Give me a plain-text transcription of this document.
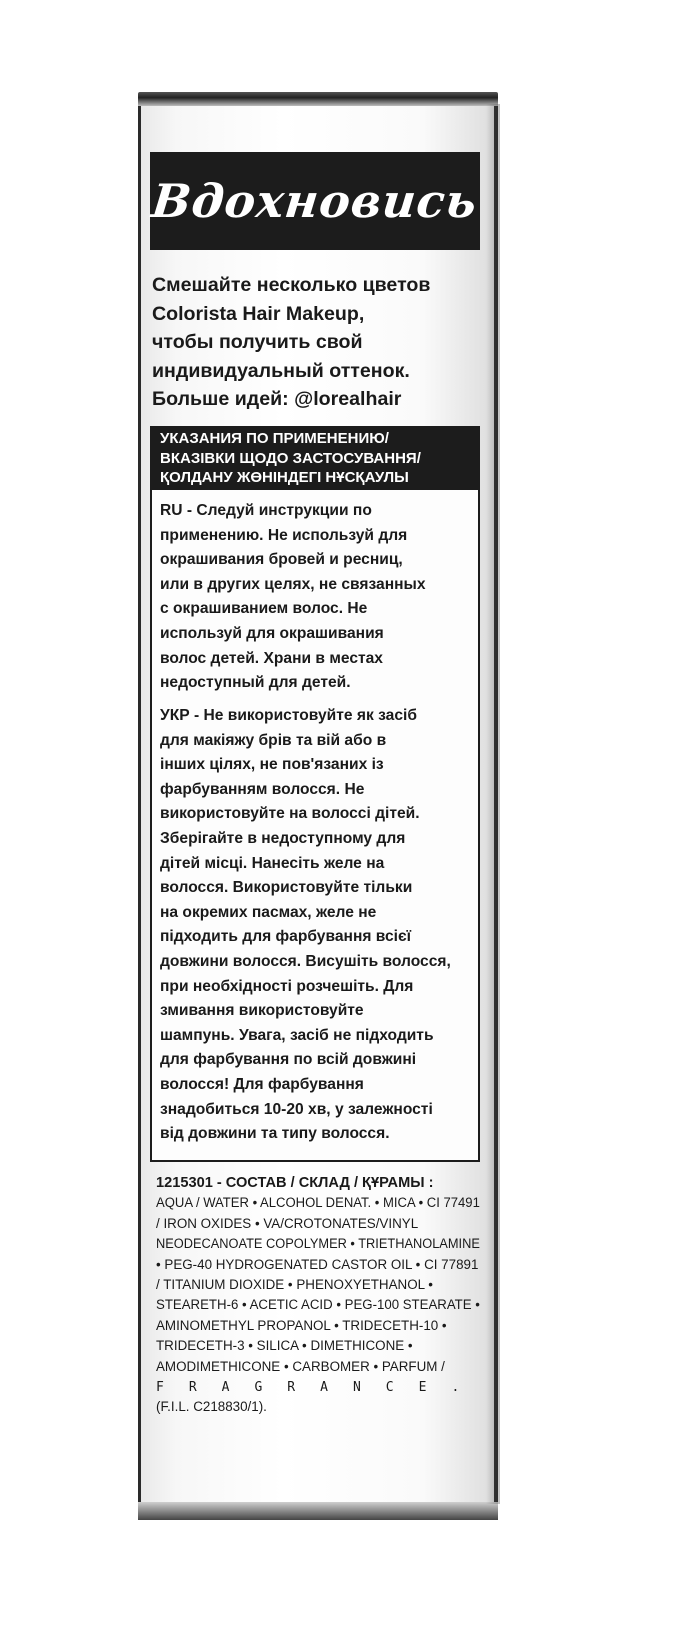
Вдохновись
Смешайте несколько цветов
Colorista Hair Makeup,
чтобы получить свой
индивидуальный оттенок.
Больше идей: @lorealhair
УКАЗАНИЯ ПО ПРИМЕНЕНИЮ/
ВКАЗІВКИ ЩОДО ЗАСТОСУВАННЯ/
ҚОЛДАНУ ЖӨНІНДЕГІ НҰСҚАУЛЫ
RU - Следуй инструкции по
применению. Не используй для
окрашивания бровей и ресниц,
или в других целях, не связанных
с окрашиванием волос. Не
используй для окрашивания
волос детей. Храни в местах
недоступный для детей.
УКР - Не використовуйте як засіб
для макіяжу брів та вій або в
інших цілях, не пов'язаних із
фарбуванням волосся. Не
використовуйте на волоссі дітей.
Зберігайте в недоступному для
дітей місці. Нанесіть желе на
волосся. Використовуйте тільки
на окремих пасмах, желе не
підходить для фарбування всієї
довжини волосся. Висушіть волосся,
при необхідності розчешіть. Для
змивання використовуйте
шампунь. Увага, засіб не підходить
для фарбування по всій довжині
волосся! Для фарбування
знадобиться 10-20 хв, у залежності
від довжини та типу волосся.
1215301 - СОСТАВ / СКЛАД / ҚҰРАМЫ :
AQUA / WATER • ALCOHOL DENAT. • MICA • CI 77491
/ IRON OXIDES • VA/CROTONATES/VINYL
NEODECANOATE COPOLYMER • TRIETHANOLAMINE
• PEG-40 HYDROGENATED CASTOR OIL • CI 77891
/ TITANIUM DIOXIDE • PHENOXYETHANOL •
STEARETH-6 • ACETIC ACID • PEG-100 STEARATE •
AMINOMETHYL PROPANOL • TRIDECETH-10 •
TRIDECETH-3 • SILICA • DIMETHICONE •
AMODIMETHICONE • CARBOMER • PARFUM /
FRAGRANCE.
(F.I.L. C218830/1).
